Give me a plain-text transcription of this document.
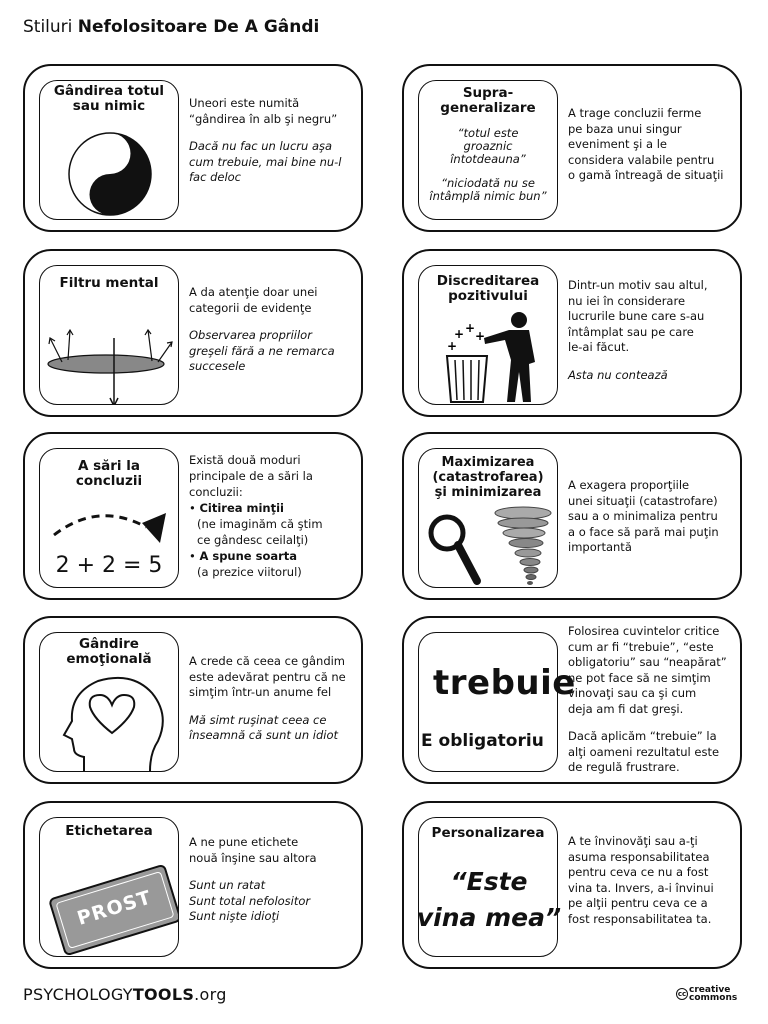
Stiluri Nefolositoare De A Gândi
Gândirea totul
sau nimic	Uneori este numită
“gândirea în alb şi negru”

Dacă nu fac un lucru aşa
cum trebuie, mai bine nu-l
fac deloc

Supra-
generalizare
“totul este
groaznic
întotdeauna”
“niciodată nu se
întâmplă nimic bun”

A trage concluzii ferme
pe baza unui singur
eveniment şi a le
considera valabile pentru
o gamă întreagă de situaţii

Filtru mental

A da atenţie doar unei
categorii de evidenţe

Observarea propriilor
greşeli fără a ne remarca
succesele

Discreditarea
pozitivului
+ +
+
+

Dintr-un motiv sau altul,
nu iei în considerare
lucrurile bune care s-au
întâmplat sau pe care
le-ai făcut.

Asta nu contează

A sări la
concluzii
2 + 2 = 5

Există două moduri
principale de a sări la
concluzii:

• Citirea minţii
(ne imaginăm că ştim
ce gândesc ceilalţi)
• A spune soarta
(a prezice viitorul)
Maximizarea
(catastrofarea)
şi minimizarea	A exagera proporţiile
unei situaţii (catastrofare)
sau a o minimaliza pentru
a o face să pară mai puţin
importantă

Gândire
emoţională	A crede că ceea ce gândim
este adevărat pentru că ne
simţim într-un anume fel

Mă simt ruşinat ceea ce
înseamnă că sunt un idiot

trebuie
E obligatoriu

Folosirea cuvintelor critice
cum ar fi “trebuie”, “este
obligatoriu” sau “neapărat”
ne pot face să ne simţim
vinovaţi sau ca şi cum
deja am fi dat greşi.

Dacă aplicăm “trebuie” la
alţi oameni rezultatul este
de regulă frustrare.

Etichetarea
PROST

A ne pune etichete
nouă înşine sau altora

Sunt un ratat
Sunt total nefolositor
Sunt nişte idioţi

Personalizarea
“Este
vina mea”

A te învinovăţi sau a-ţi
asuma responsabilitatea
pentru ceva ce nu a fost
vina ta. Invers, a-i învinui
pe alţii pentru ceva ce a
fost responsabilitatea ta.

PSYCHOLOGYTOOLS.org	cc creative
commons
